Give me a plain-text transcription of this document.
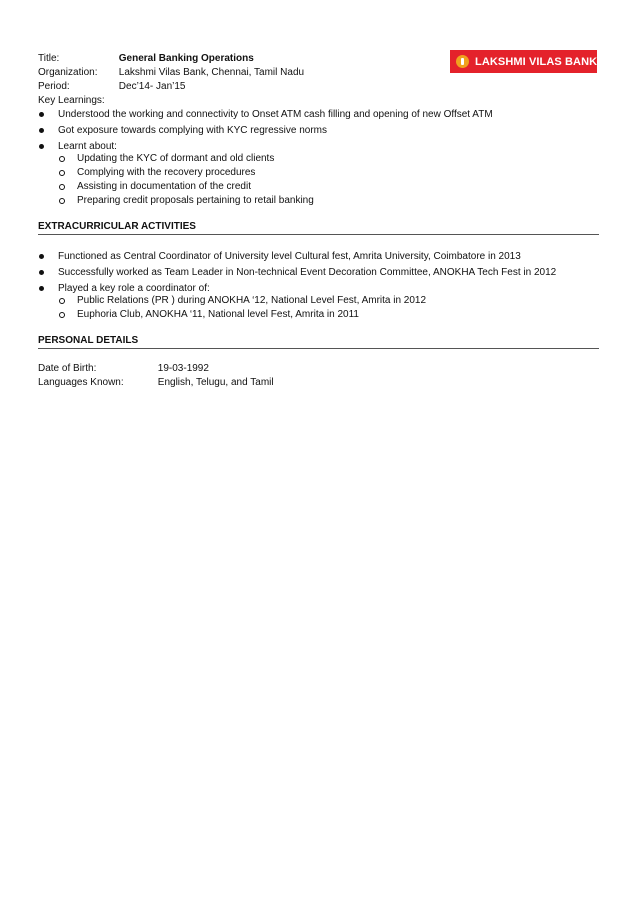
Title:	General Banking Operations
Organization: Lakshmi Vilas Bank, Chennai, Tamil Nadu
Period:	Dec’14- Jan’15
Key Learnings:
LAKSHMI VILAS BANK
Understood the working and connectivity to Onset ATM cash filling and opening of new Offset ATM
Got exposure towards complying with KYC regressive norms
Learnt about:
Updating the KYC of dormant and old clients
Complying with the recovery procedures
Assisting in documentation of the credit
Preparing credit proposals pertaining to retail banking
EXTRACURRICULAR ACTIVITIES
Functioned as Central Coordinator of University level Cultural fest, Amrita University, Coimbatore in 2013
Successfully worked as Team Leader in Non-technical Event Decoration Committee, ANOKHA Tech Fest in 2012
Played a key role a coordinator of:
Public Relations (PR ) during ANOKHA ‘12, National Level Fest, Amrita in 2012
Euphoria Club, ANOKHA ‘11, National level Fest, Amrita in 2011
PERSONAL DETAILS
Date of Birth:	19-03-1992
Languages Known:	English, Telugu, and Tamil
